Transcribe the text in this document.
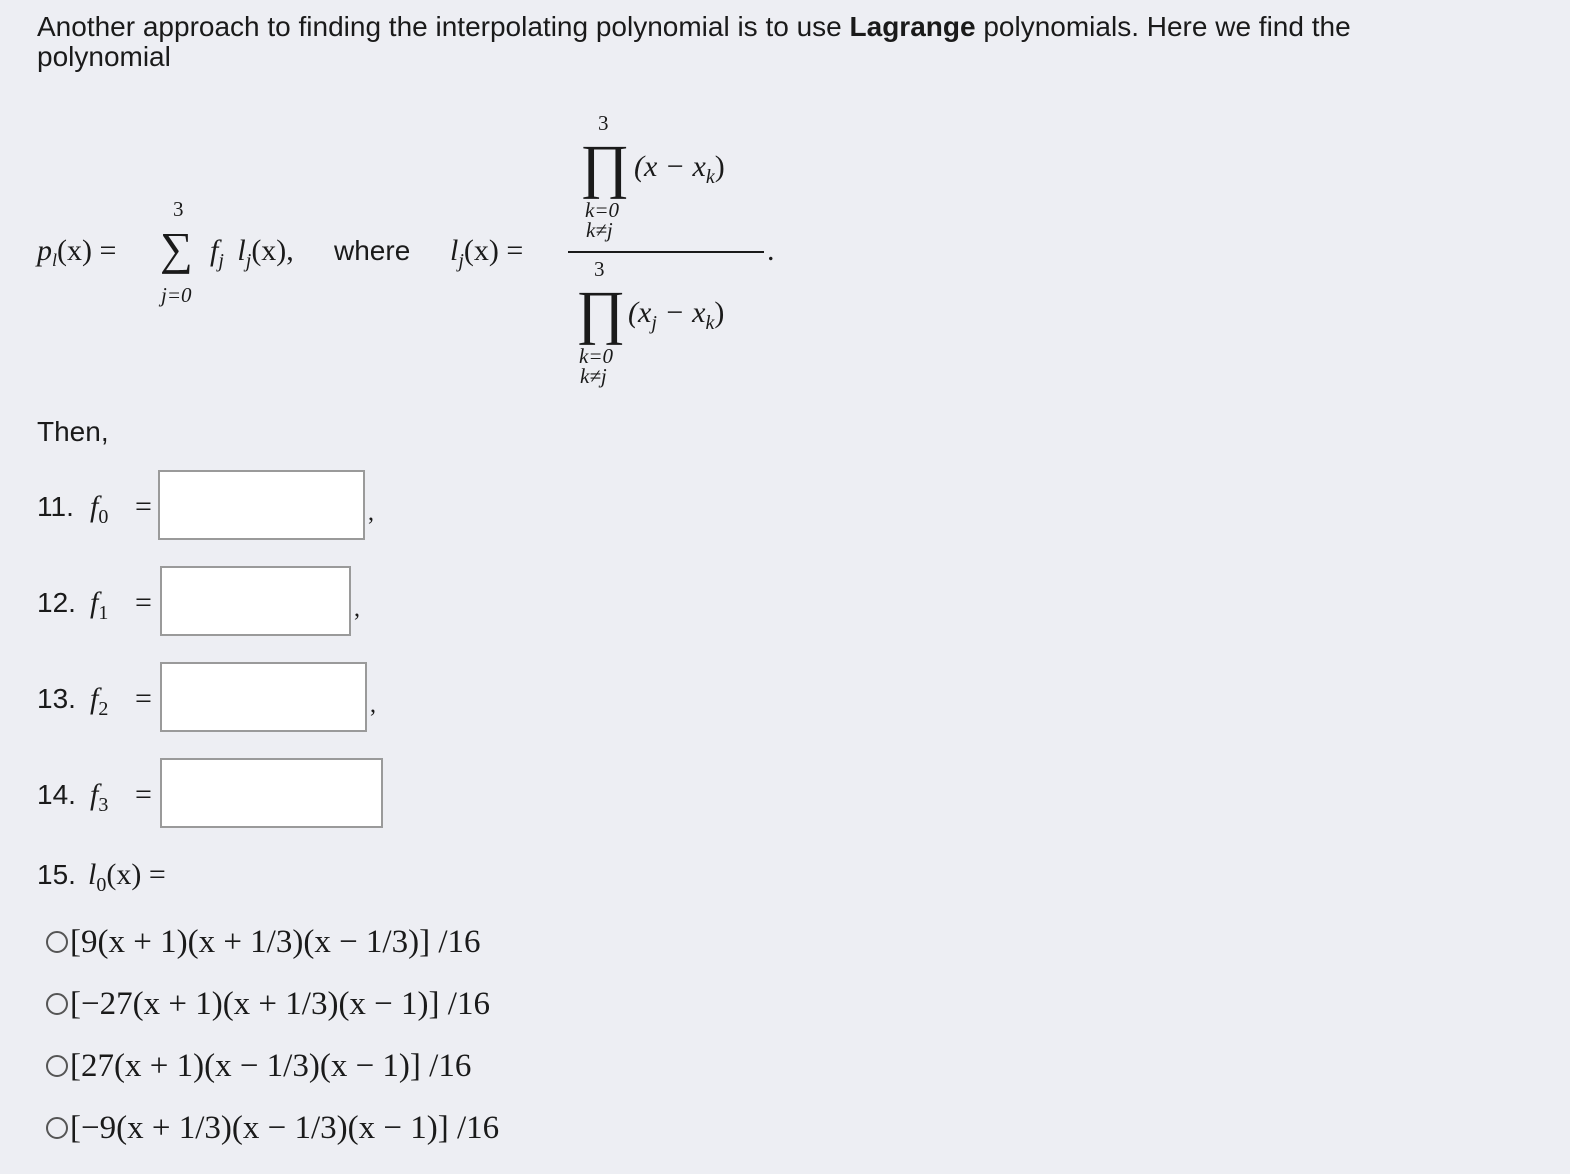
Another approach to finding the interpolating polynomial is to use Lagrange polynomials. Here we find the
polynomial
$p_l(x)$ =
3
∑
j=0
$f_j$ $l_j(x)$, where $l_j(x)$ =
3
∏ $(x - x_k)$
k=0
k≠j
.
3
∏ $(x_j - x_k)$
k=0
k≠j
Then,
11. $f_0$ =	,
12. $f_1$ =	,
13. $f_2$ =	,
14. $f_3$ =
15. $l_0(x)$ =
[9(x + 1)(x + 1/3)(x − 1/3)] /16
[−27(x + 1)(x + 1/3)(x − 1)] /16
[27(x + 1)(x − 1/3)(x − 1)] /16
[−9(x + 1/3)(x − 1/3)(x − 1)] /16
